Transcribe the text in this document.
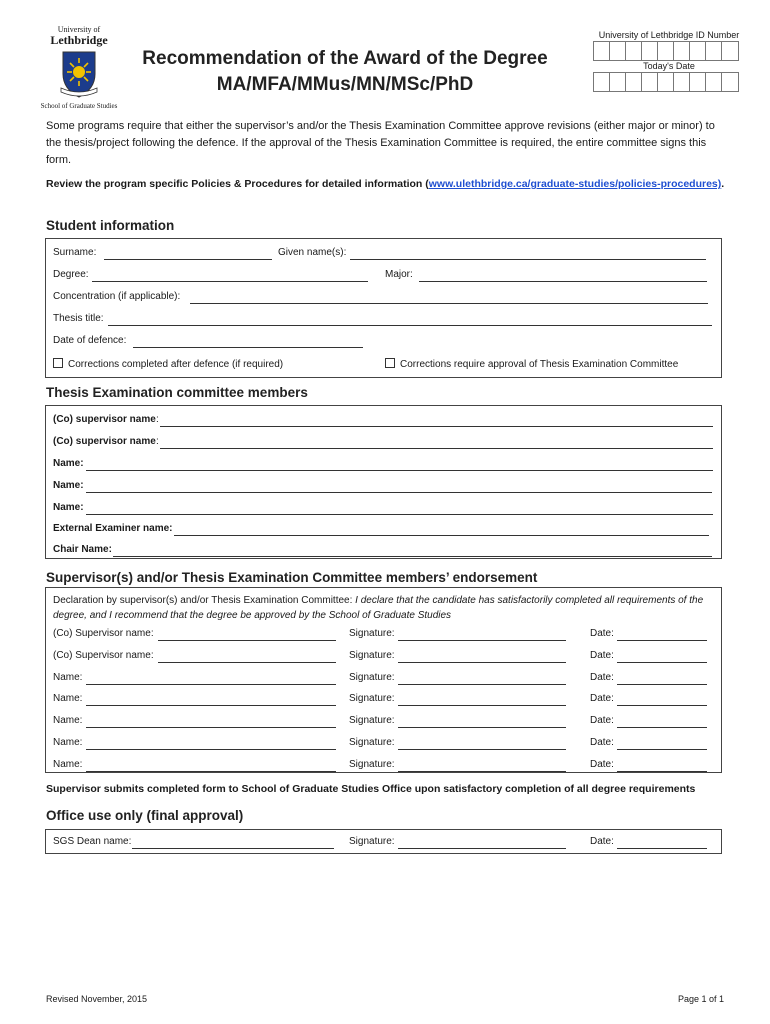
University of
Lethbridge
School of Graduate Studies
Recommendation of the Award of the Degree
MA/MFA/MMus/MN/MSc/PhD
University of Lethbridge ID Number
Today's Date
Some programs require that either the supervisor’s and/or the Thesis Examination Committee approve revisions (either major or minor) to the thesis/project following the defence. If the approval of the Thesis Examination Committee is required, the entire committee signs this form.
Review the program specific Policies & Procedures for detailed information (www.ulethbridge.ca/graduate-studies/policies-procedures).
Student information
Surname:	Given name(s):
Degree:	Major:
Concentration (if applicable):
Thesis title:
Date of defence:
Corrections completed after defence (if required)	Corrections require approval of Thesis Examination Committee
Thesis Examination committee members
(Co) supervisor name :
(Co) supervisor name :
Name:
Name:
Name:
External Examiner name:
Chair Name:
Supervisor(s) and/or Thesis Examination Committee members’ endorsement
Declaration by supervisor(s) and/or Thesis Examination Committee: I declare that the candidate has satisfactorily completed all requirements of the degree, and I recommend that the degree be approved by the School of Graduate Studies
(Co) Supervisor name:	Signature:	Date:
(Co) Supervisor name:	Signature:	Date:
Name:	Signature:	Date:
Name:	Signature:	Date:
Name:	Signature:	Date:
Name:	Signature:	Date:
Name:	Signature:	Date:
Supervisor submits completed form to School of Graduate Studies Office upon satisfactory completion of all degree requirements
Office use only (final approval)
SGS Dean name:	Signature:	Date:
Revised November, 2015	Page 1 of 1
